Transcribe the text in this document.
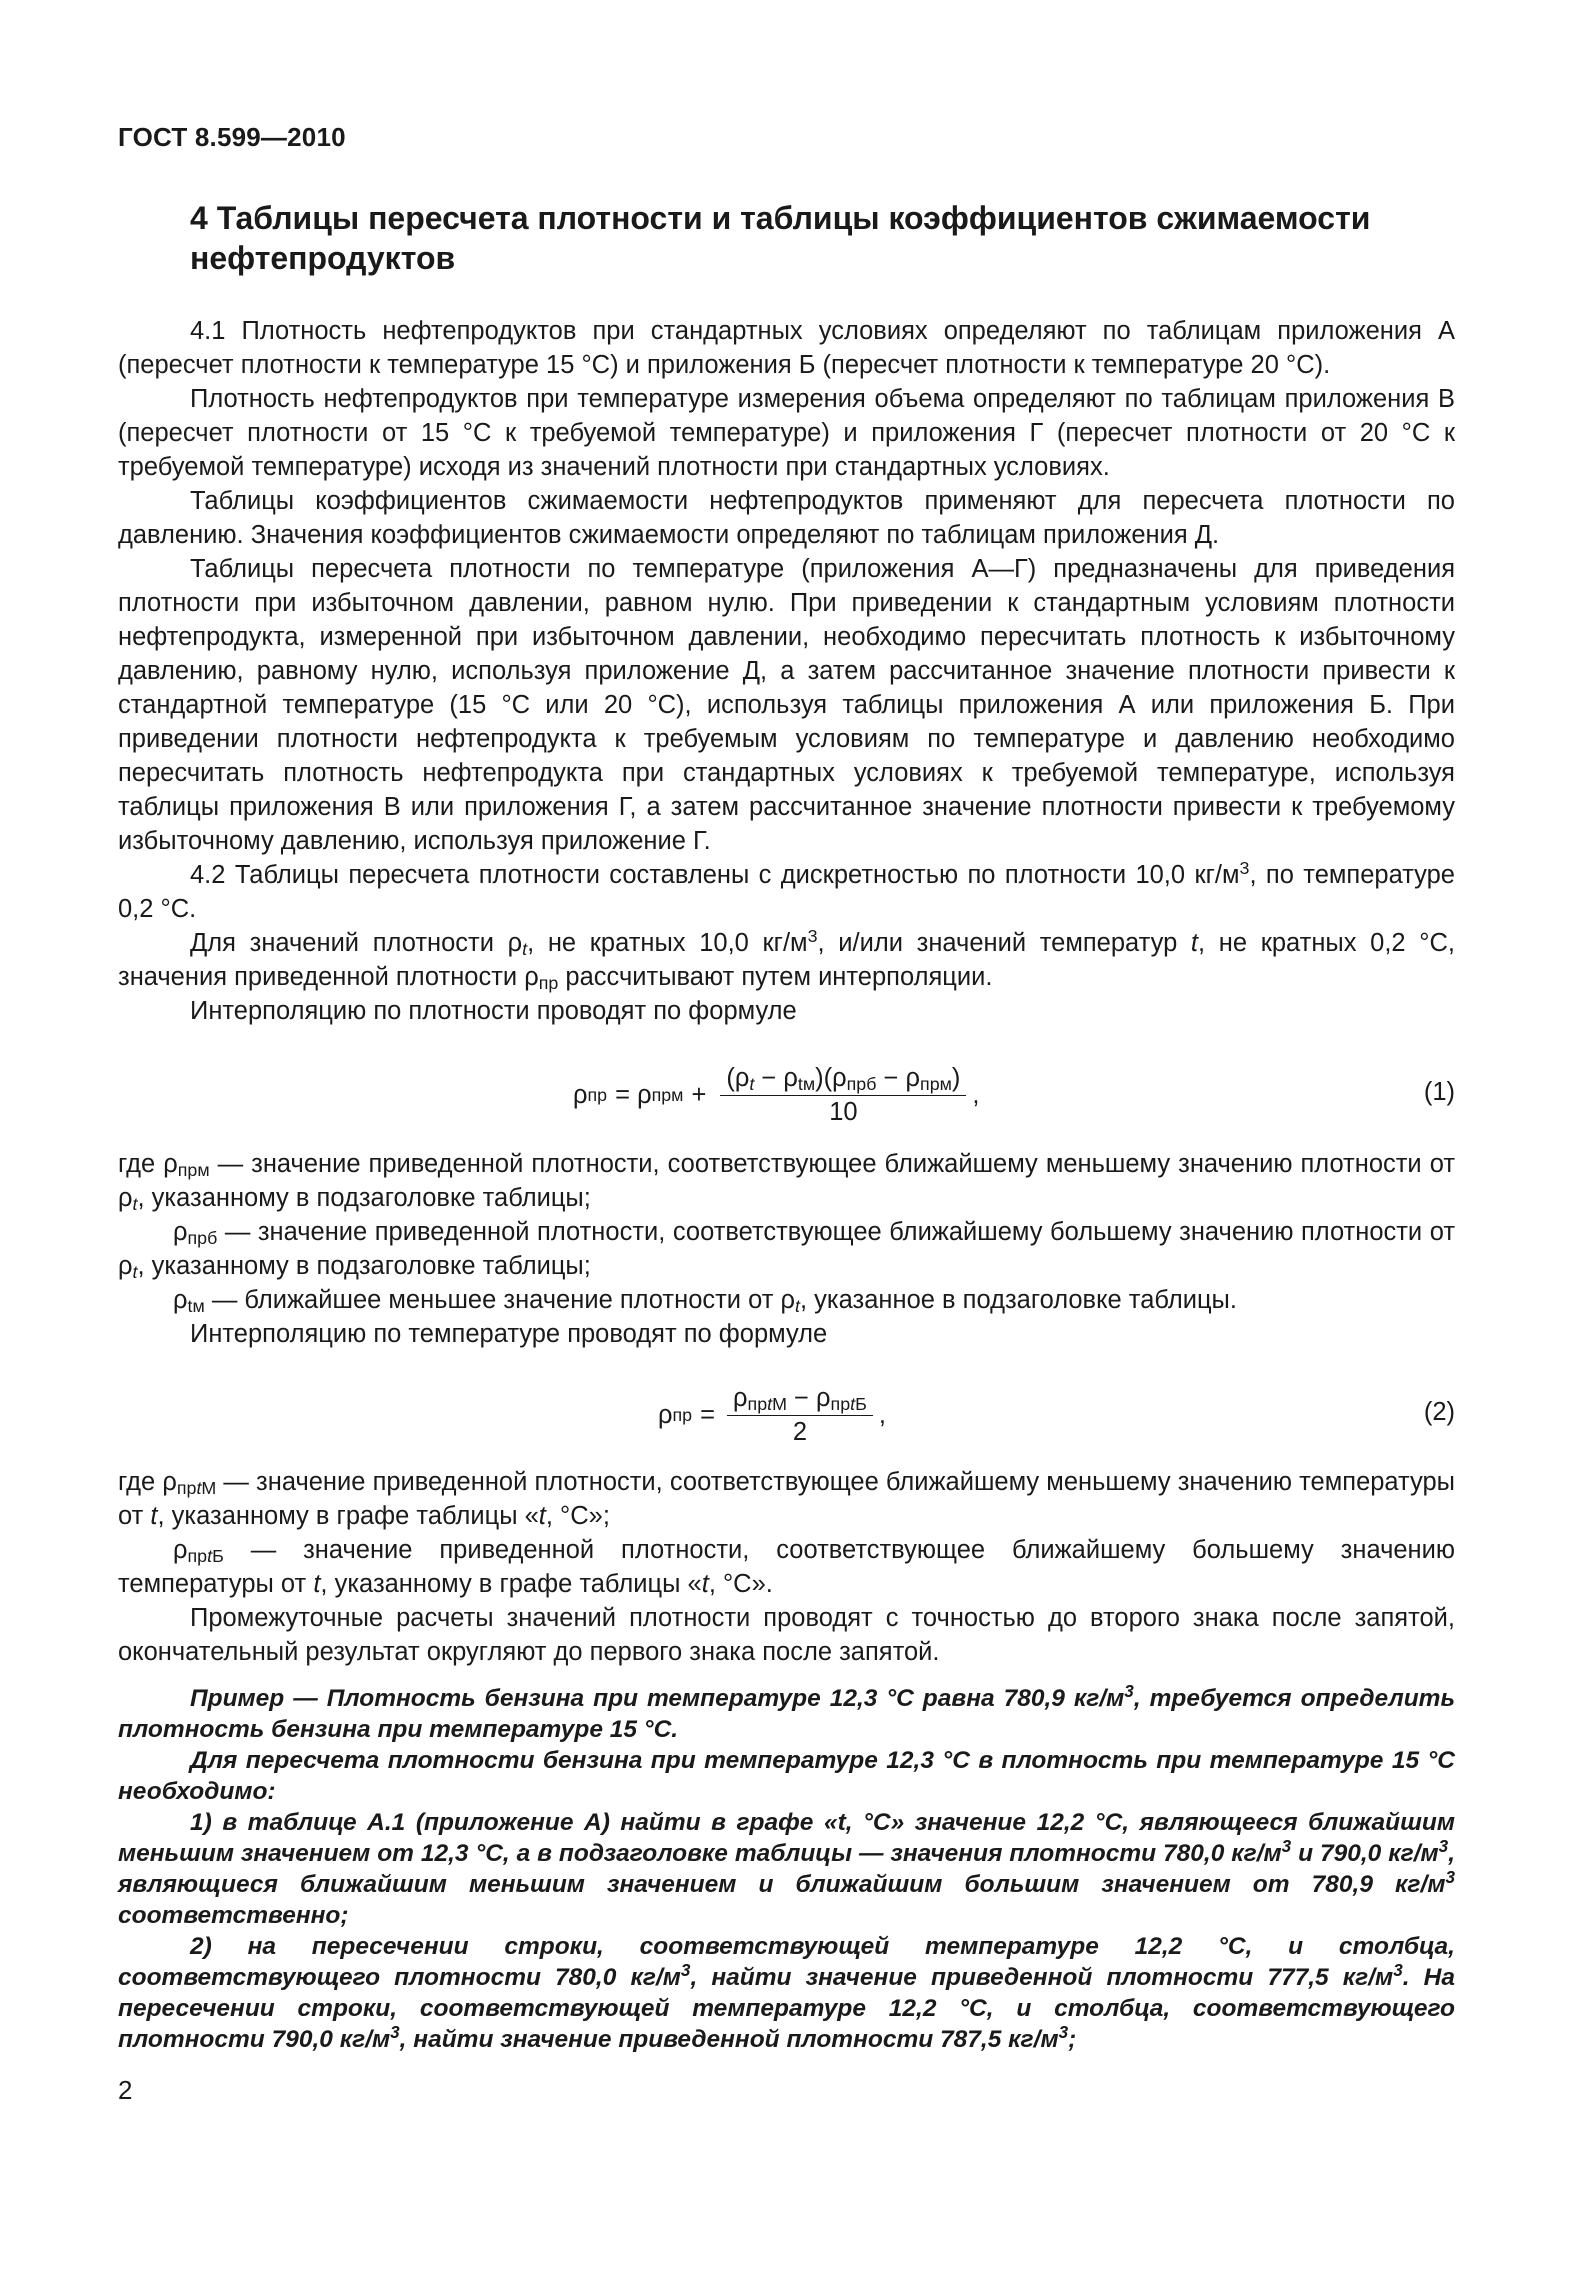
ГОСТ 8.599—2010
4 Таблицы пересчета плотности и таблицы коэффициентов сжимаемости нефтепродуктов

4.1 Плотность нефтепродуктов при стандартных условиях определяют по таблицам приложения А (пересчет плотности к температуре 15 °С) и приложения Б (пересчет плотности к температуре 20 °С).

Плотность нефтепродуктов при температуре измерения объема определяют по таблицам приложения В (пересчет плотности от 15 °С к требуемой температуре) и приложения Г (пересчет плотности от 20 °С к требуемой температуре) исходя из значений плотности при стандартных условиях.

Таблицы коэффициентов сжимаемости нефтепродуктов применяют для пересчета плотности по давлению. Значения коэффициентов сжимаемости определяют по таблицам приложения Д.

Таблицы пересчета плотности по температуре (приложения А—Г) предназначены для приведения плотности при избыточном давлении, равном нулю. При приведении к стандартным условиям плотности нефтепродукта, измеренной при избыточном давлении, необходимо пересчитать плотность к избыточному давлению, равному нулю, используя приложение Д, а затем рассчитанное значение плотности привести к стандартной температуре (15 °С или 20 °С), используя таблицы приложения А или приложения Б. При приведении плотности нефтепродукта к требуемым условиям по температуре и давлению необходимо пересчитать плотность нефтепродукта при стандартных условиях к требуемой температуре, используя таблицы приложения В или приложения Г, а затем рассчитанное значение плотности привести к требуемому избыточному давлению, используя приложение Г.

4.2 Таблицы пересчета плотности составлены с дискретностью по плотности 10,0 $кг/м^3$, по температуре 0,2 °С.

Для значений плотности $\rho_t$, не кратных 10,0 $кг/м^3$, и/или значений температур t, не кратных 0,2 °С, значения приведенной плотности $\rho_{пр}$ рассчитывают путем интерполяции.

Интерполяцию по плотности проводят по формуле

ρ пр = ρ прм + $\frac{(\rho_t - \rho_{tм})(\rho_{прб} - \rho_{прм})}{10}$ ,	(1)

где $\rho_{прм}$ — значение приведенной плотности, соответствующее ближайшему меньшему значению плотности от $\rho_t$, указанному в подзаголовке таблицы;

$\rho_{прб}$ — значение приведенной плотности, соответствующее ближайшему большему значению плотности от $\rho_t$, указанному в подзаголовке таблицы;

$\rho_{tм}$ — ближайшее меньшее значение плотности от $\rho_t$, указанное в подзаголовке таблицы.

Интерполяцию по температуре проводят по формуле

ρ пр = $\frac{\rho_{прtМ} - \rho_{прtБ}}{2}$ ,	(2)

где $\rho_{прtМ}$ — значение приведенной плотности, соответствующее ближайшему меньшему значению температуры от t, указанному в графе таблицы «t, °С»;

$\rho_{прtБ}$ — значение приведенной плотности, соответствующее ближайшему большему значению температуры от t, указанному в графе таблицы «t, °С».

Промежуточные расчеты значений плотности проводят с точностью до второго знака после запятой, окончательный результат округляют до первого знака после запятой.

Пример — Плотность бензина при температуре 12,3 °С равна 780,9 $кг/м^3$, требуется определить плотность бензина при температуре 15 °С.

Для пересчета плотности бензина при температуре 12,3 °С в плотность при температуре 15 °С необходимо:

1) в таблице А.1 (приложение А) найти в графе «t, °С» значение 12,2 °С, являющееся ближайшим меньшим значением от 12,3 °С, а в подзаголовке таблицы — значения плотности 780,0 $кг/м^3$ и 790,0 $кг/м^3$, являющиеся ближайшим меньшим значением и ближайшим большим значением от 780,9 $кг/м^3$ соответственно;

2) на пересечении строки, соответствующей температуре 12,2 °С, и столбца, соответствующего плотности 780,0 $кг/м^3$, найти значение приведенной плотности 777,5 $кг/м^3$. На пересечении строки, соответствующей температуре 12,2 °С, и столбца, соответствующего плотности 790,0 $кг/м^3$, найти значение приведенной плотности 787,5 $кг/м^3$;

2
